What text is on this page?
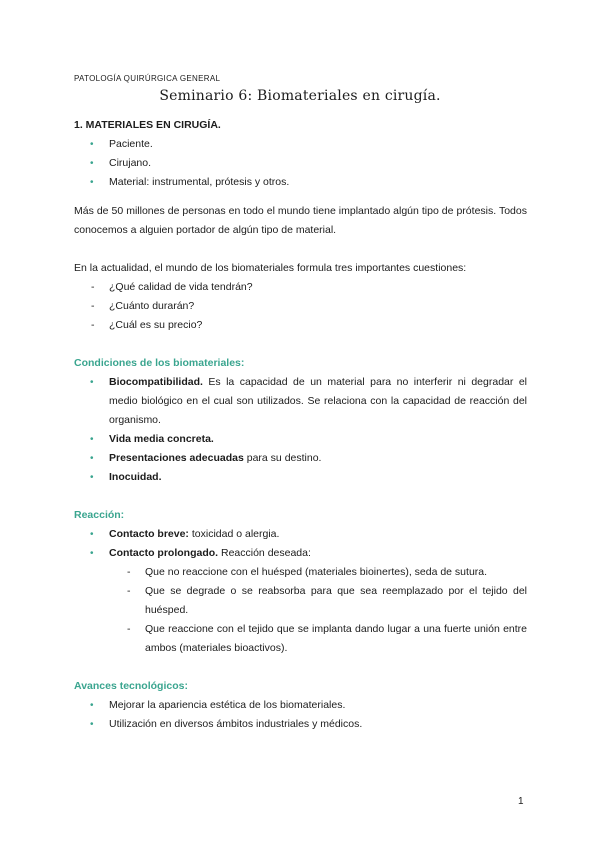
PATOLOGÍA QUIRÚRGICA GENERAL
Seminario 6: Biomateriales en cirugía.

1. MATERIALES EN CIRUGÍA.

• Paciente.
• Cirujano.
• Material: instrumental, prótesis y otros.

Más de 50 millones de personas en todo el mundo tiene implantado algún tipo de prótesis. Todos conocemos a alguien portador de algún tipo de material.

En la actualidad, el mundo de los biomateriales formula tres importantes cuestiones:

- ¿Qué calidad de vida tendrán?
- ¿Cuánto durarán?
- ¿Cuál es su precio?

Condiciones de los biomateriales:

• Biocompatibilidad. Es la capacidad de un material para no interferir ni degradar el medio biológico en el cual son utilizados. Se relaciona con la capacidad de reacción del organismo.
• Vida media concreta.
• Presentaciones adecuadas para su destino.
• Inocuidad.

Reacción:

• Contacto breve: toxicidad o alergia.
• Contacto prolongado. Reacción deseada:
- Que no reaccione con el huésped (materiales bioinertes), seda de sutura.
- Que se degrade o se reabsorba para que sea reemplazado por el tejido del huésped.
- Que reaccione con el tejido que se implanta dando lugar a una fuerte unión entre ambos (materiales bioactivos).

Avances tecnológicos:

• Mejorar la apariencia estética de los biomateriales.
• Utilización en diversos ámbitos industriales y médicos.
1
